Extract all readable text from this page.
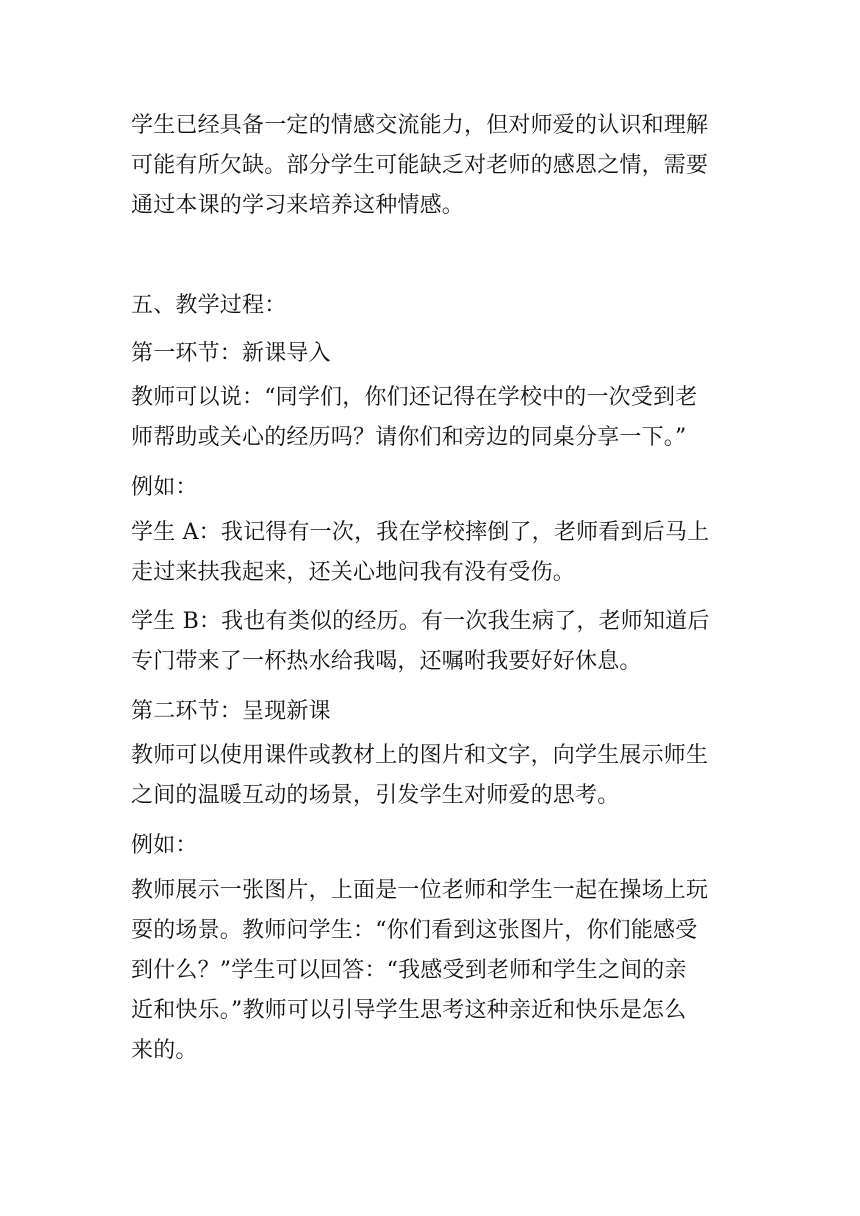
学生已经具备一定的情感交流能力，但对师爱的认识和理解
可能有所欠缺。部分学生可能缺乏对老师的感恩之情，需要
通过本课的学习来培养这种情感。
五、教学过程：
第一环节：新课导入
教师可以说：“同学们，你们还记得在学校中的一次受到老
师帮助或关心的经历吗？请你们和旁边的同桌分享一下。”
例如：
学生 A：我记得有一次，我在学校摔倒了，老师看到后马上
走过来扶我起来，还关心地问我有没有受伤。
学生 B：我也有类似的经历。有一次我生病了，老师知道后
专门带来了一杯热水给我喝，还嘱咐我要好好休息。
第二环节：呈现新课
教师可以使用课件或教材上的图片和文字，向学生展示师生
之间的温暖互动的场景，引发学生对师爱的思考。
例如：
教师展示一张图片，上面是一位老师和学生一起在操场上玩
耍的场景。教师问学生：“你们看到这张图片，你们能感受
到什么？”学生可以回答：“我感受到老师和学生之间的亲
近和快乐。”教师可以引导学生思考这种亲近和快乐是怎么
来的。
